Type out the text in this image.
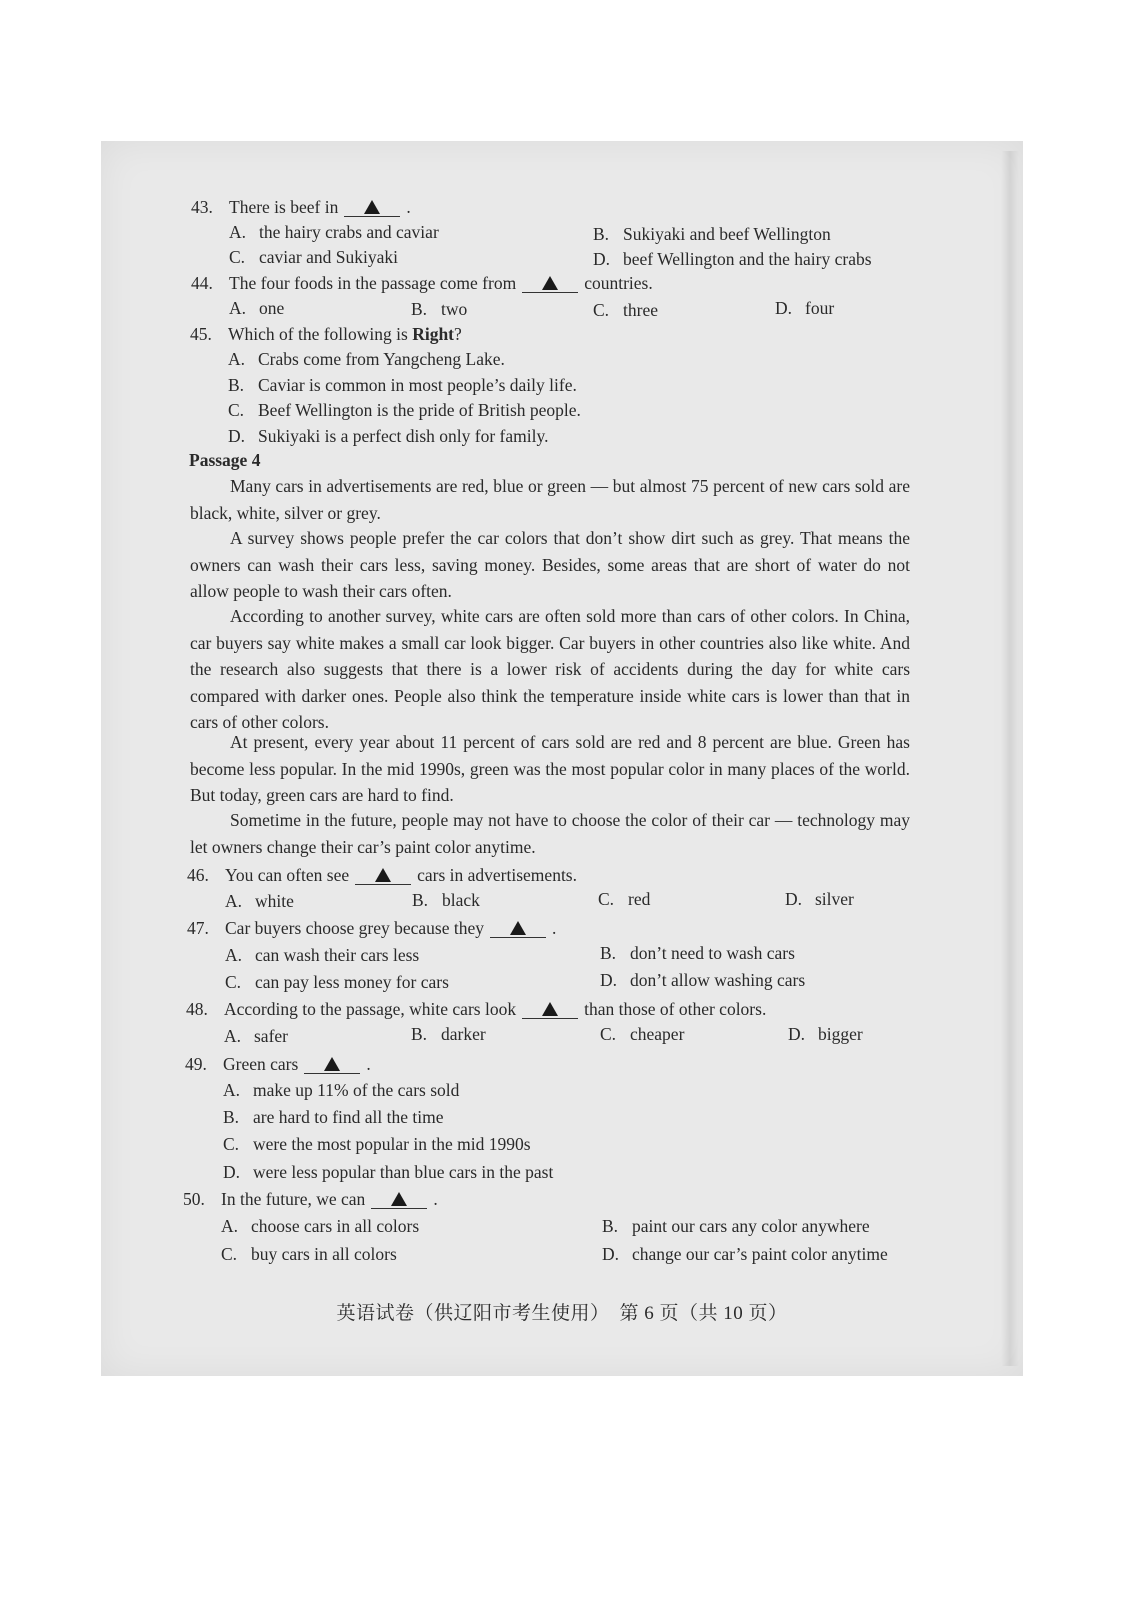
43. There is beef in	.
A. the hairy crabs and caviar	B. Sukiyaki and beef Wellington
C. caviar and Sukiyaki	D. beef Wellington and the hairy crabs
44. The four foods in the passage come from	countries.
A. one	B. two	C. three	D. four
45. Which of the following is Right?
A. Crabs come from Yangcheng Lake.
B. Caviar is common in most people’s daily life.
C. Beef Wellington is the pride of British people.
D. Sukiyaki is a perfect dish only for family.
Passage 4
Many cars in advertisements are red, blue or green — but almost 75 percent of new cars sold are black, white, silver or grey.
A survey shows people prefer the car colors that don’t show dirt such as grey. That means the owners can wash their cars less, saving money. Besides, some areas that are short of water do not allow people to wash their cars often.
According to another survey, white cars are often sold more than cars of other colors. In China, car buyers say white makes a small car look bigger. Car buyers in other countries also like white. And the research also suggests that there is a lower risk of accidents during the day for white cars compared with darker ones. People also think the temperature inside white cars is lower than that in cars of other colors.
At present, every year about 11 percent of cars sold are red and 8 percent are blue. Green has become less popular. In the mid 1990s, green was the most popular color in many places of the world. But today, green cars are hard to find.
Sometime in the future, people may not have to choose the color of their car — technology may let owners change their car’s paint color anytime.
46. You can often see	cars in advertisements.
A. white	B. black	C. red	D. silver
47. Car buyers choose grey because they	.
A. can wash their cars less	B. don’t need to wash cars
C. can pay less money for cars	D. don’t allow washing cars
48. According to the passage, white cars look	than those of other colors.
A. safer	B. darker	C. cheaper	D. bigger
49. Green cars	.
A. make up 11% of the cars sold
B. are hard to find all the time
C. were the most popular in the mid 1990s
D. were less popular than blue cars in the past
50. In the future, we can	.
A. choose cars in all colors	B. paint our cars any color anywhere
C. buy cars in all colors	D. change our car’s paint color anytime
英语试卷（供辽阳市考生使用）　第 6 页（共 10 页）
